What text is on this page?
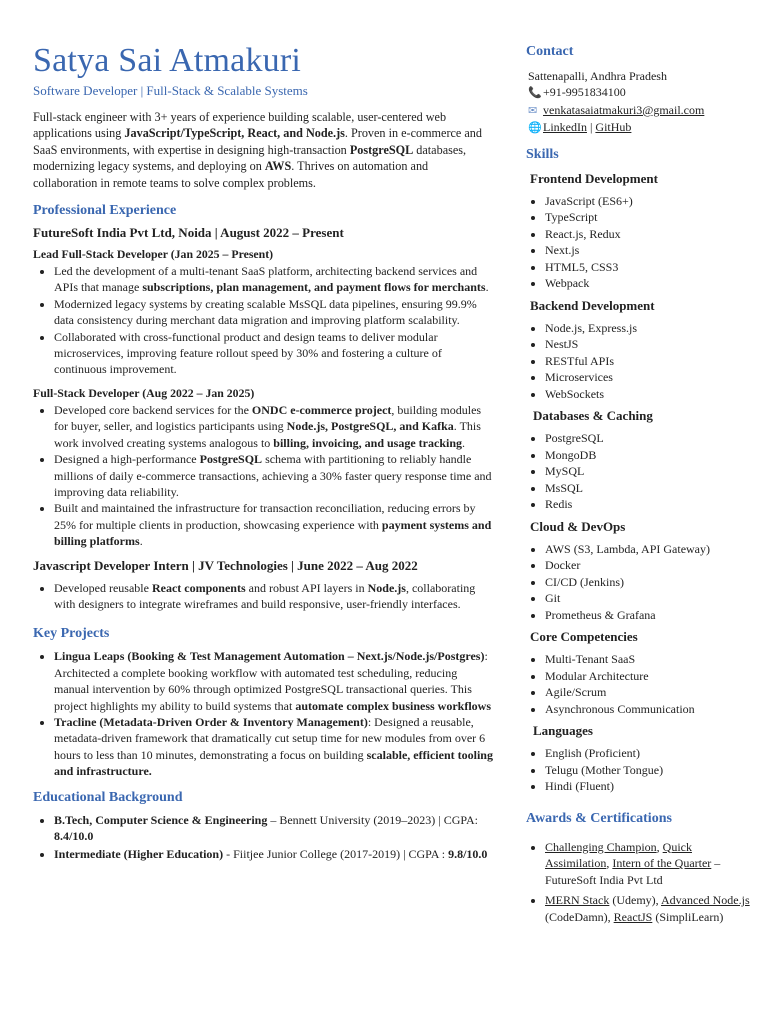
Satya Sai Atmakuri
Software Developer | Full-Stack & Scalable Systems

Full-stack engineer with 3+ years of experience building scalable, user-centered web applications using JavaScript/TypeScript, React, and Node.js. Proven in e-commerce and SaaS environments, with expertise in designing high-transaction PostgreSQL databases, modernizing legacy systems, and deploying on AWS. Thrives on automation and collaboration in remote teams to solve complex problems.

Professional Experience
FutureSoft India Pvt Ltd, Noida | August 2022 – Present
Lead Full-Stack Developer (Jan 2025 – Present)
• Led the development of a multi-tenant SaaS platform, architecting backend services and APIs that manage subscriptions, plan management, and payment flows for merchants.
• Modernized legacy systems by creating scalable MsSQL data pipelines, ensuring 99.9% data consistency during merchant data migration and improving platform scalability.
• Collaborated with cross-functional product and design teams to deliver modular microservices, improving feature rollout speed by 30% and fostering a culture of continuous improvement.
Full-Stack Developer (Aug 2022 – Jan 2025)
• Developed core backend services for the ONDC e-commerce project, building modules for buyer, seller, and logistics participants using Node.js, PostgreSQL, and Kafka. This work involved creating systems analogous to billing, invoicing, and usage tracking.
• Designed a high-performance PostgreSQL schema with partitioning to reliably handle millions of daily e-commerce transactions, achieving a 30% faster query response time and improving data reliability.
• Built and maintained the infrastructure for transaction reconciliation, reducing errors by 25% for multiple clients in production, showcasing experience with payment systems and billing platforms.
Javascript Developer Intern | JV Technologies | June 2022 – Aug 2022
• Developed reusable React components and robust API layers in Node.js, collaborating with designers to integrate wireframes and build responsive, user-friendly interfaces.
Key Projects
• Lingua Leaps (Booking & Test Management Automation – Next.js/Node.js/Postgres): Architected a complete booking workflow with automated test scheduling, reducing manual intervention by 60% through optimized PostgreSQL transactional queries. This project highlights my ability to build systems that automate complex business workflows
• Tracline (Metadata-Driven Order & Inventory Management): Designed a reusable, metadata-driven framework that dramatically cut setup time for new modules from over 6 hours to less than 10 minutes, demonstrating a focus on building scalable, efficient tooling and infrastructure.
Educational Background
• B.Tech, Computer Science & Engineering – Bennett University (2019–2023) | CGPA: 8.4/10.0
• Intermediate (Higher Education) - Fiitjee Junior College (2017-2019) | CGPA : 9.8/10.0
Contact
Sattenapalli, Andhra Pradesh
📞+91-9951834100
✉ venkatasaiatmakuri3@gmail.com
🌐LinkedIn | GitHub
Skills
Frontend Development
• JavaScript (ES6+)
• TypeScript
• React.js, Redux
• Next.js
• HTML5, CSS3
• Webpack
Backend Development
• Node.js, Express.js
• NestJS
• RESTful APIs
• Microservices
• WebSockets
Databases & Caching
• PostgreSQL
• MongoDB
• MySQL
• MsSQL
• Redis
Cloud & DevOps
• AWS (S3, Lambda, API Gateway)
• Docker
• CI/CD (Jenkins)
• Git
• Prometheus & Grafana
Core Competencies
• Multi-Tenant SaaS
• Modular Architecture
• Agile/Scrum
• Asynchronous Communication
Languages
• English (Proficient)
• Telugu (Mother Tongue)
• Hindi (Fluent)
Awards & Certifications
• Challenging Champion, Quick Assimilation, Intern of the Quarter – FutureSoft India Pvt Ltd
• MERN Stack (Udemy), Advanced Node.js (CodeDamn), ReactJS (SimpliLearn)
